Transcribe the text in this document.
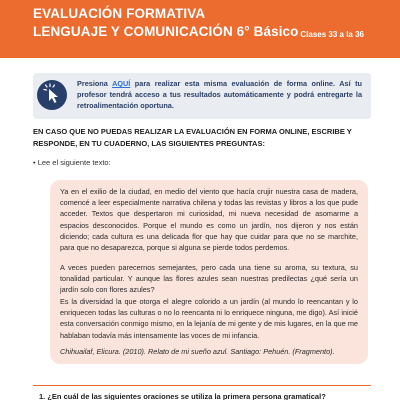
EVALUACIÓN FORMATIVA
LENGUAJE Y COMUNICACIÓN 6° Básico Clases 33 a la 36
Presiona AQUÍ para realizar esta misma evaluación de forma online. Así tu profesor tendrá acceso a tus resultados automáticamente y podrá entregarte la retroalimentación oportuna.
EN CASO QUE NO PUEDAS REALIZAR LA EVALUACIÓN EN FORMA ONLINE, ESCRIBE Y RESPONDE, EN TU CUADERNO, LAS SIGUIENTES PREGUNTAS:
• Lee el siguiente texto:
Ya en el exilio de la ciudad, en medio del viento que hacía crujir nuestra casa de madera, comencé a leer especialmente narrativa chilena y todas las revistas y libros a los que pude acceder. Textos que despertaron mi curiosidad, mi nueva necesidad de asomarme a espacios desconocidos. Porque el mundo es como un jardín, nos dijeron y nos están diciendo; cada cultura es una delicada flor que hay que cuidar para que no se marchite, para que no desaparezca, porque si alguna se pierde todos perdemos.
A veces pueden parecernos semejantes, pero cada una tiene su aroma, su textura, su tonalidad particular. Y aunque las flores azules sean nuestras predilectas ¿qué sería un jardín solo con flores azules?
Es la diversidad la que otorga el alegre colorido a un jardín (al mundo lo reencantan y lo enriquecen todas las culturas o no lo reencanta ni lo enriquece ninguna, me digo). Así inicié esta conversación conmigo mismo, en la lejanía de mi gente y de mis lugares, en la que me hablaban todavía más intensamente las voces de mi infancia.
Chihuailaf, Elicura. (2010). Relato de mi sueño azul. Santiago: Pehuén. (Fragmento).
1. ¿En cuál de las siguientes oraciones se utiliza la primera persona gramatical?
